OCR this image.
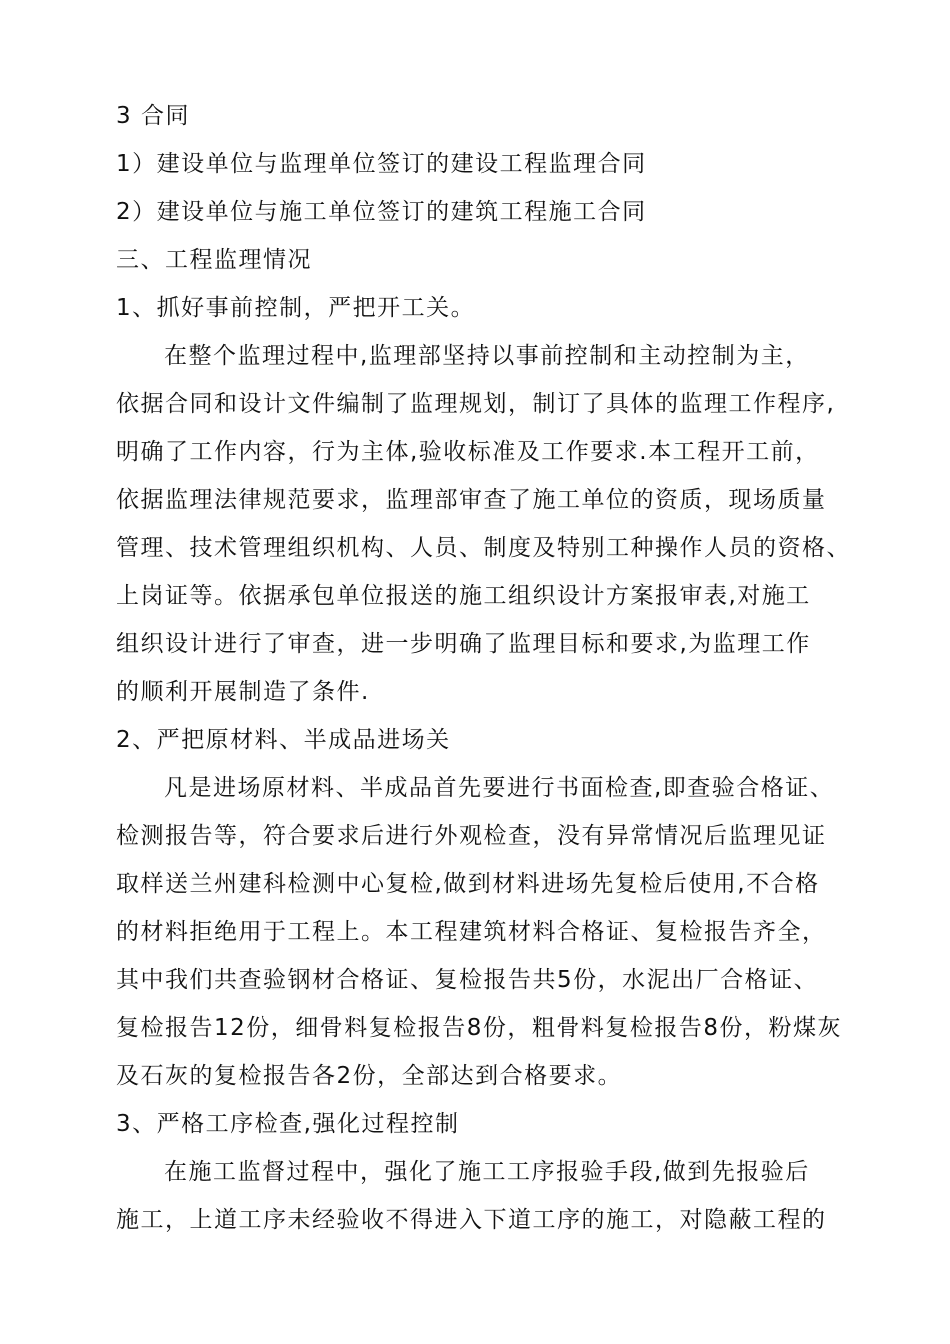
3 合同
1）建设单位与监理单位签订的建设工程监理合同
2）建设单位与施工单位签订的建筑工程施工合同
三、工程监理情况
1、抓好事前控制，严把开工关。
在整个监理过程中,监理部坚持以事前控制和主动控制为主，
依据合同和设计文件编制了监理规划，制订了具体的监理工作程序,
明确了工作内容，行为主体,验收标准及工作要求.本工程开工前，
依据监理法律规范要求，监理部审查了施工单位的资质，现场质量
管理、技术管理组织机构、人员、制度及特别工种操作人员的资格、
上岗证等。依据承包单位报送的施工组织设计方案报审表,对施工
组织设计进行了审查，进一步明确了监理目标和要求,为监理工作
的顺利开展制造了条件.
2、严把原材料、半成品进场关
凡是进场原材料、半成品首先要进行书面检查,即查验合格证、
检测报告等，符合要求后进行外观检查，没有异常情况后监理见证
取样送兰州建科检测中心复检,做到材料进场先复检后使用,不合格
的材料拒绝用于工程上。本工程建筑材料合格证、复检报告齐全，
其中我们共查验钢材合格证、复检报告共5份，水泥出厂合格证、
复检报告12份，细骨料复检报告8份，粗骨料复检报告8份，粉煤灰
及石灰的复检报告各2份，全部达到合格要求。
3、严格工序检查,强化过程控制
在施工监督过程中，强化了施工工序报验手段,做到先报验后
施工，上道工序未经验收不得进入下道工序的施工，对隐蔽工程的
